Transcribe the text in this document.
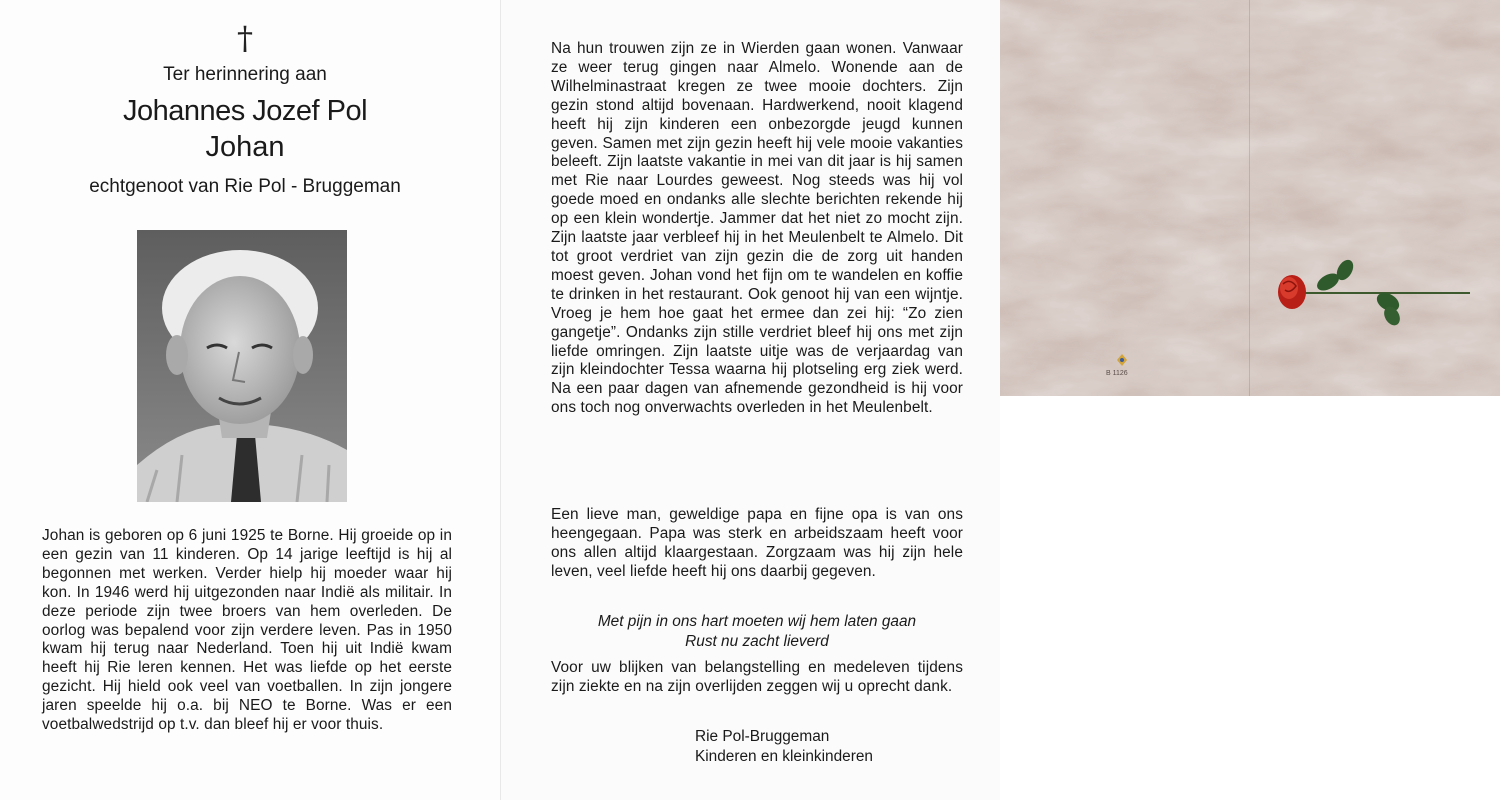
†
Ter herinnering aan
Johannes Jozef Pol
Johan
echtgenoot van Rie Pol - Bruggeman
Johan is geboren op 6 juni 1925 te Borne. Hij groeide op in een gezin van 11 kinderen. Op 14 jarige leeftijd is hij al begonnen met werken. Verder hielp hij moeder waar hij kon. In 1946 werd hij uitgezonden naar Indië als militair. In deze periode zijn twee broers van hem overleden. De oorlog was bepalend voor zijn verdere leven. Pas in 1950 kwam hij terug naar Nederland. Toen hij uit Indië kwam heeft hij Rie leren kennen. Het was liefde op het eerste gezicht. Hij hield ook veel van voetballen. In zijn jongere jaren speelde hij o.a. bij NEO te Borne. Was er een voetbalwedstrijd op t.v. dan bleef hij er voor thuis.
Na hun trouwen zijn ze in Wierden gaan wonen. Vanwaar ze weer terug gingen naar Almelo. Wonende aan de Wilhelminastraat kregen ze twee mooie dochters. Zijn gezin stond altijd bovenaan. Hardwerkend, nooit klagend heeft hij zijn kinderen een onbezorgde jeugd kunnen geven. Samen met zijn gezin heeft hij vele mooie vakanties beleeft. Zijn laatste vakantie in mei van dit jaar is hij samen met Rie naar Lourdes geweest. Nog steeds was hij vol goede moed en ondanks alle slechte berichten rekende hij op een klein wondertje. Jammer dat het niet zo mocht zijn. Zijn laatste jaar verbleef hij in het Meulenbelt te Almelo. Dit tot groot verdriet van zijn gezin die de zorg uit handen moest geven. Johan vond het fijn om te wandelen en koffie te drinken in het restaurant. Ook genoot hij van een wijntje. Vroeg je hem hoe gaat het ermee dan zei hij: “Zo zien gangetje”. Ondanks zijn stille verdriet bleef hij ons met zijn liefde omringen. Zijn laatste uitje was de verjaardag van zijn kleindochter Tessa waarna hij plotseling erg ziek werd. Na een paar dagen van afnemende gezondheid is hij voor ons toch nog onverwachts overleden in het Meulenbelt.
Een lieve man, geweldige papa en fijne opa is van ons heengegaan. Papa was sterk en arbeidszaam heeft voor ons allen altijd klaargestaan. Zorgzaam was hij zijn hele leven, veel liefde heeft hij ons daarbij gegeven.
Met pijn in ons hart moeten wij hem laten gaan
Rust nu zacht lieverd
Voor uw blijken van belangstelling en medeleven tijdens zijn ziekte en na zijn overlijden zeggen wij u oprecht dank.
Rie Pol-Bruggeman
Kinderen en kleinkinderen
B 1126
